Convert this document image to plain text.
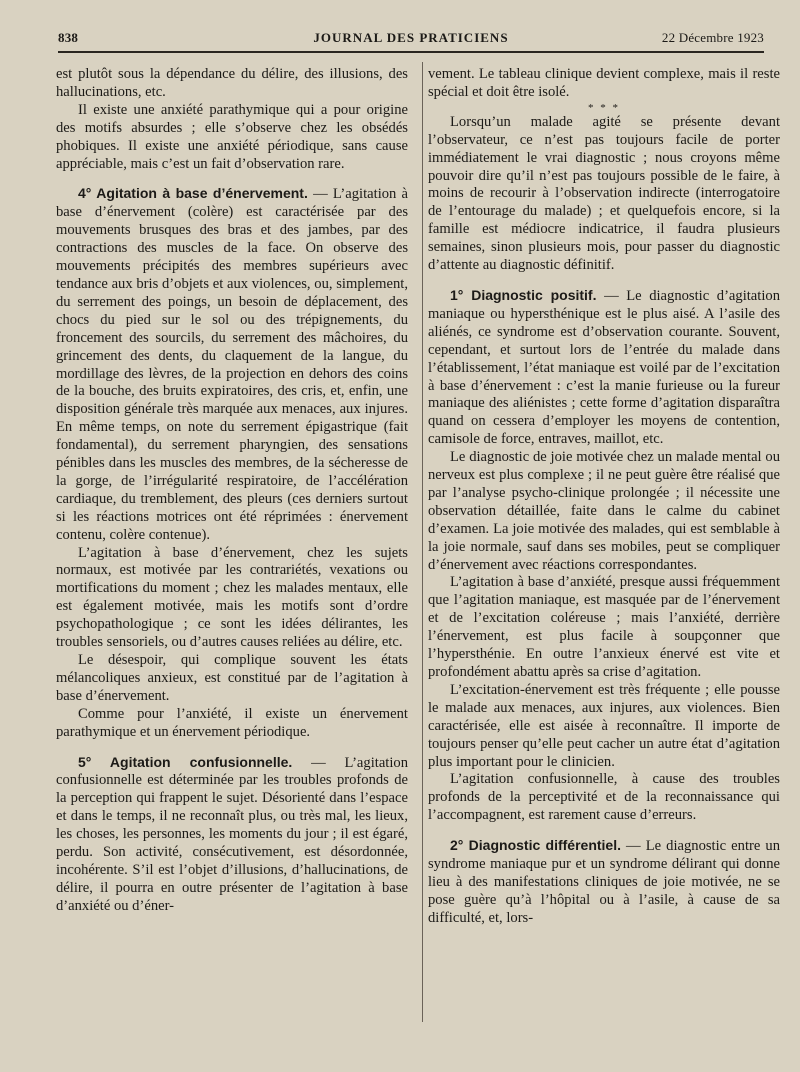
838	JOURNAL DES PRATICIENS	22 Décembre 1923

est plutôt sous la dépendance du délire, des illusions, des hallucinations, etc.

Il existe une anxiété parathymique qui a pour origine des motifs absurdes ; elle s’observe chez les obsédés phobiques. Il existe une anxiété périodique, sans cause appréciable, mais c’est un fait d’observation rare.

4° Agitation à base d’énervement. — L’agitation à base d’énervement (colère) est caractérisée par des mouvements brusques des bras et des jambes, par des contractions des muscles de la face. On observe des mouvements précipités des membres supérieurs avec tendance aux bris d’objets et aux violences, ou, simplement, du serrement des poings, un besoin de déplacement, des chocs du pied sur le sol ou des trépignements, du froncement des sourcils, du serrement des mâchoires, du grincement des dents, du claquement de la langue, du mordillage des lèvres, de la projection en dehors des coins de la bouche, des bruits expiratoires, des cris, et, enfin, une disposition générale très marquée aux menaces, aux injures. En même temps, on note du serrement épigastrique (fait fondamental), du serrement pharyngien, des sensations pénibles dans les muscles des membres, de la sécheresse de la gorge, de l’irrégularité respiratoire, de l’accélération cardiaque, du tremblement, des pleurs (ces derniers surtout si les réactions motrices ont été réprimées : énervement contenu, colère contenue).

L’agitation à base d’énervement, chez les sujets normaux, est motivée par les contrariétés, vexations ou mortifications du moment ; chez les malades mentaux, elle est également motivée, mais les motifs sont d’ordre psychopathologique ; ce sont les idées délirantes, les troubles sensoriels, ou d’autres causes reliées au délire, etc.

Le désespoir, qui complique souvent les états mélancoliques anxieux, est constitué par de l’agitation à base d’énervement.

Comme pour l’anxiété, il existe un énervement parathymique et un énervement périodique.

5° Agitation confusionnelle. — L’agitation confusionnelle est déterminée par les troubles profonds de la perception qui frappent le sujet. Désorienté dans l’espace et dans le temps, il ne reconnaît plus, ou très mal, les lieux, les choses, les personnes, les moments du jour ; il est égaré, perdu. Son activité, consécutivement, est désordonnée, incohérente. S’il est l’objet d’illusions, d’hallucinations, de délire, il pourra en outre présenter de l’agitation à base d’anxiété ou d’éner-

vement. Le tableau clinique devient complexe, mais il reste spécial et doit être isolé.

* * *

Lorsqu’un malade agité se présente devant l’observateur, ce n’est pas toujours facile de porter immédiatement le vrai diagnostic ; nous croyons même pouvoir dire qu’il n’est pas toujours possible de le faire, à moins de recourir à l’observation indirecte (interrogatoire de l’entourage du malade) ; et quelquefois encore, si la famille est médiocre indicatrice, il faudra plusieurs semaines, sinon plusieurs mois, pour passer du diagnostic d’attente au diagnostic définitif.

1° Diagnostic positif. — Le diagnostic d’agitation maniaque ou hypersthénique est le plus aisé. A l’asile des aliénés, ce syndrome est d’observation courante. Souvent, cependant, et surtout lors de l’entrée du malade dans l’établissement, l’état maniaque est voilé par de l’excitation à base d’énervement : c’est la manie furieuse ou la fureur maniaque des aliénistes ; cette forme d’agitation disparaîtra quand on cessera d’employer les moyens de contention, camisole de force, entraves, maillot, etc.

Le diagnostic de joie motivée chez un malade mental ou nerveux est plus complexe ; il ne peut guère être réalisé que par l’analyse psycho-clinique prolongée ; il nécessite une observation détaillée, faite dans le calme du cabinet d’examen. La joie motivée des malades, qui est semblable à la joie normale, sauf dans ses mobiles, peut se compliquer d’énervement avec réactions correspondantes.

L’agitation à base d’anxiété, presque aussi fréquemment que l’agitation maniaque, est masquée par de l’énervement et de l’excitation coléreuse ; mais l’anxiété, derrière l’énervement, est plus facile à soupçonner que l’hypersthénie. En outre l’anxieux énervé est vite et profondément abattu après sa crise d’agitation.

L’excitation-énervement est très fréquente ; elle pousse le malade aux menaces, aux injures, aux violences. Bien caractérisée, elle est aisée à reconnaître. Il importe de toujours penser qu’elle peut cacher un autre état d’agitation plus important pour le clinicien.

L’agitation confusionnelle, à cause des troubles profonds de la perceptivité et de la reconnaissance qui l’accompagnent, est rarement cause d’erreurs.

2° Diagnostic différentiel. — Le diagnostic entre un syndrome maniaque pur et un syndrome délirant qui donne lieu à des manifestations cliniques de joie motivée, ne se pose guère qu’à l’hôpital ou à l’asile, à cause de sa difficulté, et, lors-
